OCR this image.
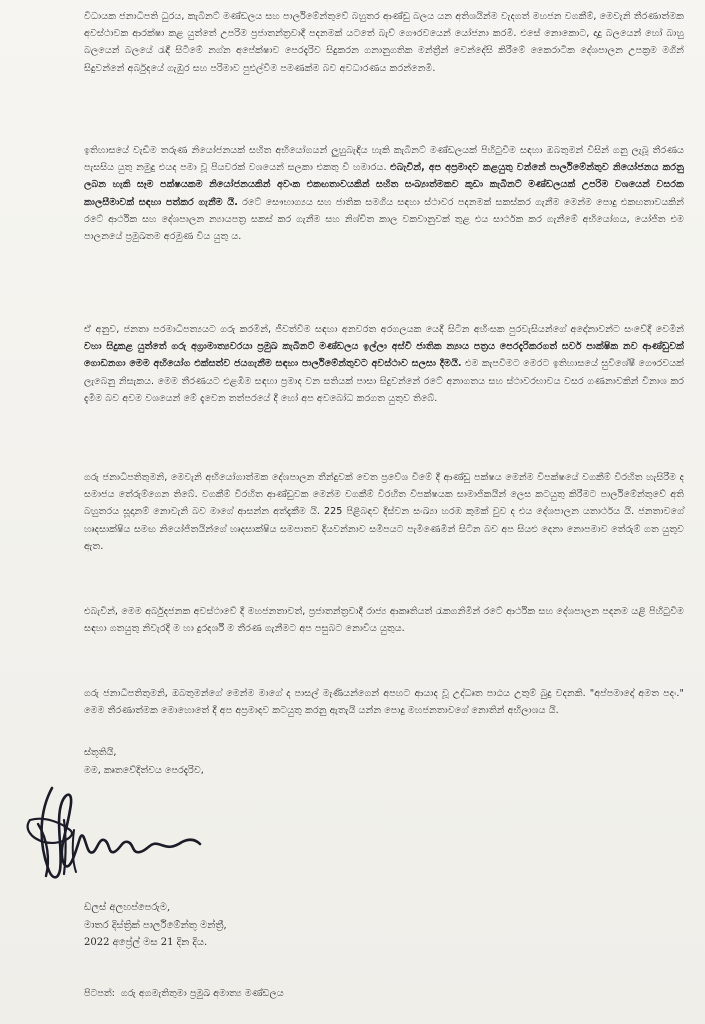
විධායක ජනාධිපති ධුරය, කැබිනට් මණ්ඩලය සහ පාර්ලිමේන්තුවේ බහුතර ආණ්ඩු බලය යන අතිශයින්ම වැදගත් මහජන වගකීම්, මෙවැනි තීරණාත්මක අවස්ථාවක ආරක්ෂා කළ යුත්තේ උපරිම ප්‍රජාතන්ත්‍රවාදී පදනමක් යටතේ බැව් ගෞරවයෙන් යෝජනා කරමි. එසේ නොකොට, දාදු බලයෙන් හෝ බාහු බලයෙන් බලයේ රැඳී සිටීමේ නග්න අපේක්ෂාව පෙරදැරිව සිදුකරන ගනානුගතික මන්ත්‍රීන් වෙන්දේසි කිරීමේ කෛරාටික දේශපාලන උපක්‍රම මගින් සිදුවන්නේ අර්බුදයේ ගැඹුර සහ පරිමාව පුළුල්වීම පමණක්ම බව අවධාරණය කරන්නෙමි.

ඉතිහාසයේ වැඩිම තරුණ නියෝජනයක් සහිත අභියෝගයන් ලුහුබැඳිය හැකි කැබිනට් මණ්ඩලයක් පිහිටුවීම සඳහා ඔබතුමන් විසින් ගනු ලැබූ තීරණය පැසසිය යුතු නමුදු එයද පමා වූ පියවරක් වශයෙන් සලකා එකතු වී හමාරය. එබැවින්, අප අප්‍රමාදව කළයුතු වන්නේ පාර්ලිමේන්තුව නියෝජනය කරනු ලබන හැකි සෑම පක්ෂයකම නියෝජනයකින් අවංක එකඟතාවයකින් සහිත සංඛ්‍යාත්මකව කුඩා කැබිනට් මණ්ඩලයක් උපරිම වශයෙන් වසරක කාලසීමාවක් සඳහා පත්කර ගැනීම යි. රටේ සෞභාග්‍යය සහ ජාතික සමගිය සඳහා ස්ථාවර පදනමක් සකස්කර ගැනීම මෙන්ම පොදු එකඟතාවයකින් රටේ ආර්ථික සහ දේශපාලන න්‍යායපත්‍ර සකස් කර ගැනීම සහ නිශ්චිත කාල වකවානුවක් තුළ එය සාර්ථක කර ගැනීමේ අභියෝගය, යෝජිත එම පාලනයේ ප්‍රමුඛතම අරමුණ විය යුතු ය.

ඒ අනුව, ජනතා පරමාධිපත්‍යයට ගරු කරමින්, ජීවත්වීම සඳහා අනවරත අරගලයක යෙදී සිටින අහිංසක පුරවැසියන්ගේ අදෝනාවන්ට සංවේදී වෙමින් වහා සිදුකළ යුත්තේ ගරු අග්‍රාමාත්‍යවරයා ප්‍රමුඛ කැබිනට් මණ්ඩලය ඉල්ලා අස්වී ජාතික න්‍යාය පත්‍රය පෙරදැරිකරගත් සර්ව පාක්ෂික නව ආණ්ඩුවක් ගොඩනගා මෙම අභියෝග එක්සත්ව ජයගැනීම සඳහා පාර්ලිමේන්තුවට අවස්ථාව සලසා දීමයි. එම කැපවීමට මෙරට ඉතිහාසයේ සුවිශේෂී ගෞරවයක් ලැබෙනු නිසැකය. මෙම තීරණයට එළඹීම සඳහා ප්‍රමාද වන සතියක් පාසා සිදුවන්නේ රටේ අනාගතය සහ ස්ථාවරභාවය වසර ගණනාවකින් විනාශ කර දැමීම බව අවම වශයෙන් මේ දැවෙන තත්පරයේ දී හෝ අප අවබෝධ කරගත යුතුව තිබේ.

ගරු ජනාධිපතිතුමනි, මෙවැනි අභියෝගාත්මක දේශපාලන තීන්දුවක් වෙත ප්‍රවේශ වීමේ දී ආණ්ඩු පක්ෂය මෙන්ම විපක්ෂයේ වගකීම් විරහිත හැසිරීම ද සමාජය තේරුම්ගෙන තිබේ. වගකීම් විරහිත ආණ්ඩුවක මෙන්ම වගකීම් විරහිත විපක්ෂයක සාමාජිකයින් ලෙස කටයුතු කිරීමට පාර්ලිමේන්තුවේ අති බහුතරය සූදානම් නොවැනි බව මාගේ ආසන්න අත්දැකීම යි. 225 පිළිබඳව දිස්වන සංඛ්‍යා හරඹ කුමක් වුව ද එය දේශපාලන යතාර්ථය යි. ජනතාවගේ හෘදසාක්ෂිය සමඟ නියෝජිතයින්ගේ හෘදසාක්ෂිය සමපාතව දියවන්නාව සමීපයට පැමිණෙමින් සිටින බව අප සියළු දෙනා නොපමාව තේරුම් ගත යුතුව ඇත.

එබැවින්, මෙම අර්බුදජනක අවස්ථාවේ දී මහජනතාවත්, ප්‍රජාතන්ත්‍රවාදී රාජ්‍ය ආකෘතියත් රැකගනිමින් රටේ ආර්ථික සහ දේශපාලන පදනම යළි පිහිටුවීම සඳහා ගතයුතු නිවැරදි ම හා දුරදර්ශී ම තීරණ ගැනීමට අප පසුබට නොවිය යුතුය.

ගරු ජනාධිපතිතුමනි, ඔබතුමන්ගේ මෙන්ම මාගේ ද පාසල් මැණියන්ගෙන් අපහට ආයාද වූ උද්ධෘත පාඨය උතුම් බුදු වදනකි. "අප්පමාදෝ අමත පදං." මෙම තීරණාත්මක මොහොතේ දී අප අප්‍රමාදව කටයුතු කරනු ඇතැයි යන්න පොදු මහජනතාවගේ නොතින් අභිලාශය යි.

ස්තූතියි,
මම, කෘතවේදිත්වය පෙරදැරිව,
ඩලස් අලහප්පෙරුම,
මාතර දිස්ත්‍රික් පාර්ලිමේන්තු මන්ත්‍රී,
2022 අප්‍රේල් මස 21 දින දිය.
පිටපත්: ගරු අගමැතිතුමා ප්‍රමුඛ අමාත්‍ය මණ්ඩලය
